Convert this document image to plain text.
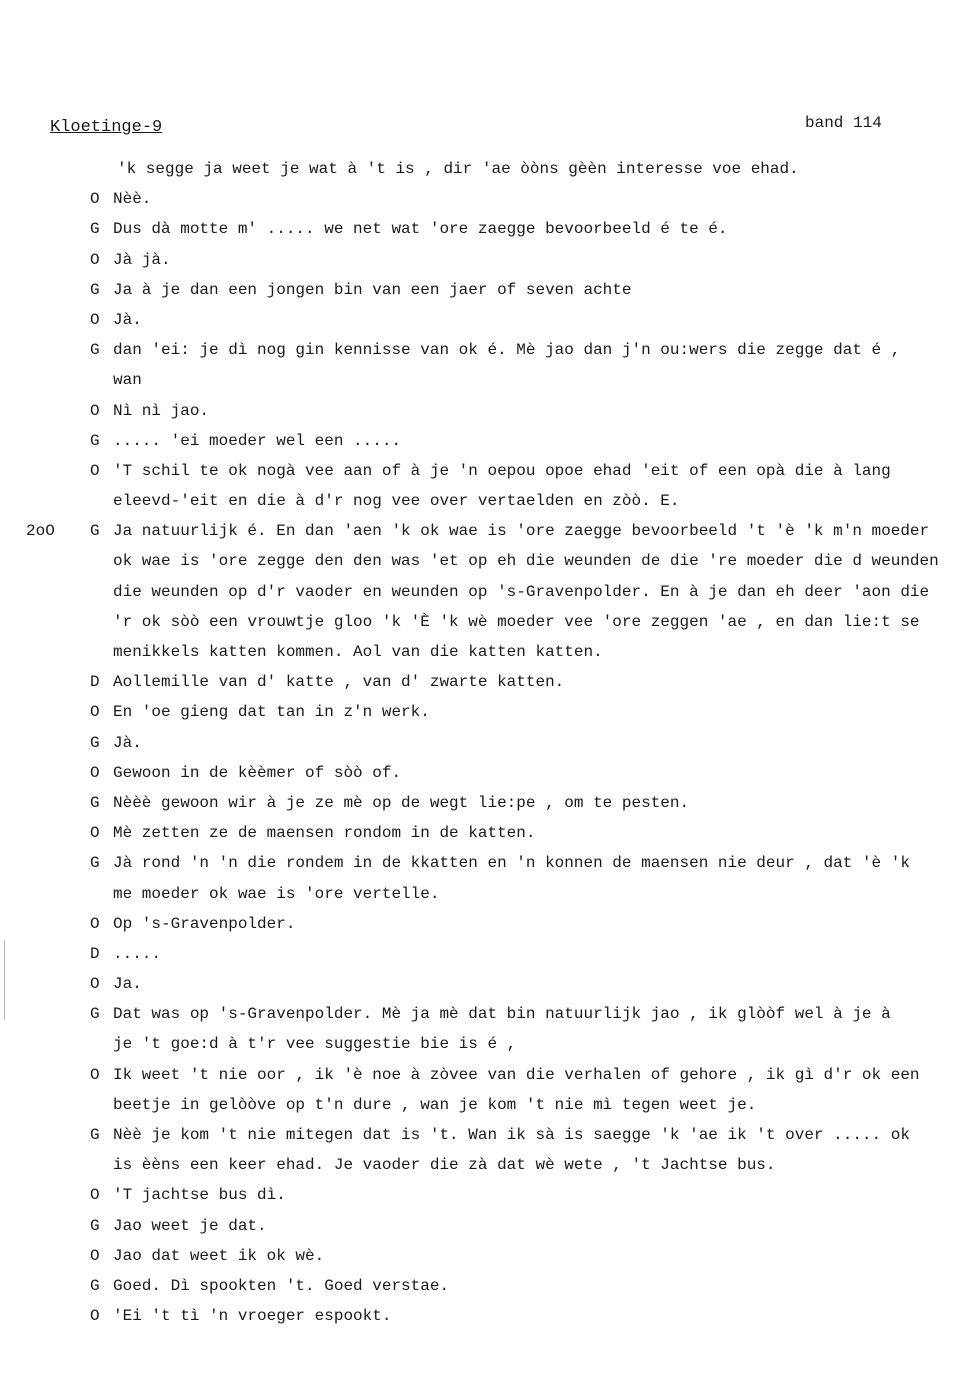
Kloetinge-9	band 114
'k segge ja weet je wat à 't is , dir 'ae òòns gèèn interesse voe ehad.
O Nèè.
G Dus dà motte m' ..... we net wat 'ore zaegge bevoorbeeld é te é.
O Jà jà.
G Ja à je dan een jongen bin van een jaer of seven achte
O Jà.
G dan 'ei: je dì nog gin kennisse van ok é. Mè jao dan j'n ou:wers die zegge dat é ,
wan
O Nì nì jao.
G ..... 'ei moeder wel een .....
O 'T schil te ok nogà vee aan of à je 'n oepou opoe ehad 'eit of een opà die à lang
eleevd-'eit en die à d'r nog vee over vertaelden en zòò. E.
2oO G Ja natuurlijk é. En dan 'aen 'k ok wae is 'ore zaegge bevoorbeeld 't 'è 'k m'n moeder
ok wae is 'ore zegge den den was 'et op eh die weunden de die 're moeder die d weunden
die weunden op d'r vaoder en weunden op 's-Gravenpolder. En à je dan eh deer 'aon die
'r ok sòò een vrouwtje gloo 'k 'È 'k wè moeder vee 'ore zeggen 'ae , en dan lie:t se
menikkels katten kommen. Aol van die katten katten.
D Aollemille van d' katte , van d' zwarte katten.
O En 'oe gieng dat tan in z'n werk.
G Jà.
O Gewoon in de kèèmer of sòò of.
G Nèèè gewoon wir à je ze mè op de wegt lie:pe , om te pesten.
O Mè zetten ze de maensen rondom in de katten.
G Jà rond 'n 'n die rondem in de kkatten en 'n konnen de maensen nie deur , dat 'è 'k
me moeder ok wae is 'ore vertelle.
O Op 's-Gravenpolder.
D .....
O Ja.
G Dat was op 's-Gravenpolder. Mè ja mè dat bin natuurlijk jao , ik glòòf wel à je à
je 't goe:d à t'r vee suggestie bie is é ,
O Ik weet 't nie oor , ik 'è noe à zòvee van die verhalen of gehore , ik gì d'r ok een
beetje in gelòòve op t'n dure , wan je kom 't nie mì tegen weet je.
G Nèè je kom 't nie mitegen dat is 't. Wan ik sà is saegge 'k 'ae ik 't over ..... ok
is èèns een keer ehad. Je vaoder die zà dat wè wete , 't Jachtse bus.
O 'T jachtse bus dì.
G Jao weet je dat.
O Jao dat weet ik ok wè.
G Goed. Dì spookten 't. Goed verstae.
O 'Ei 't tì 'n vroeger espookt.
